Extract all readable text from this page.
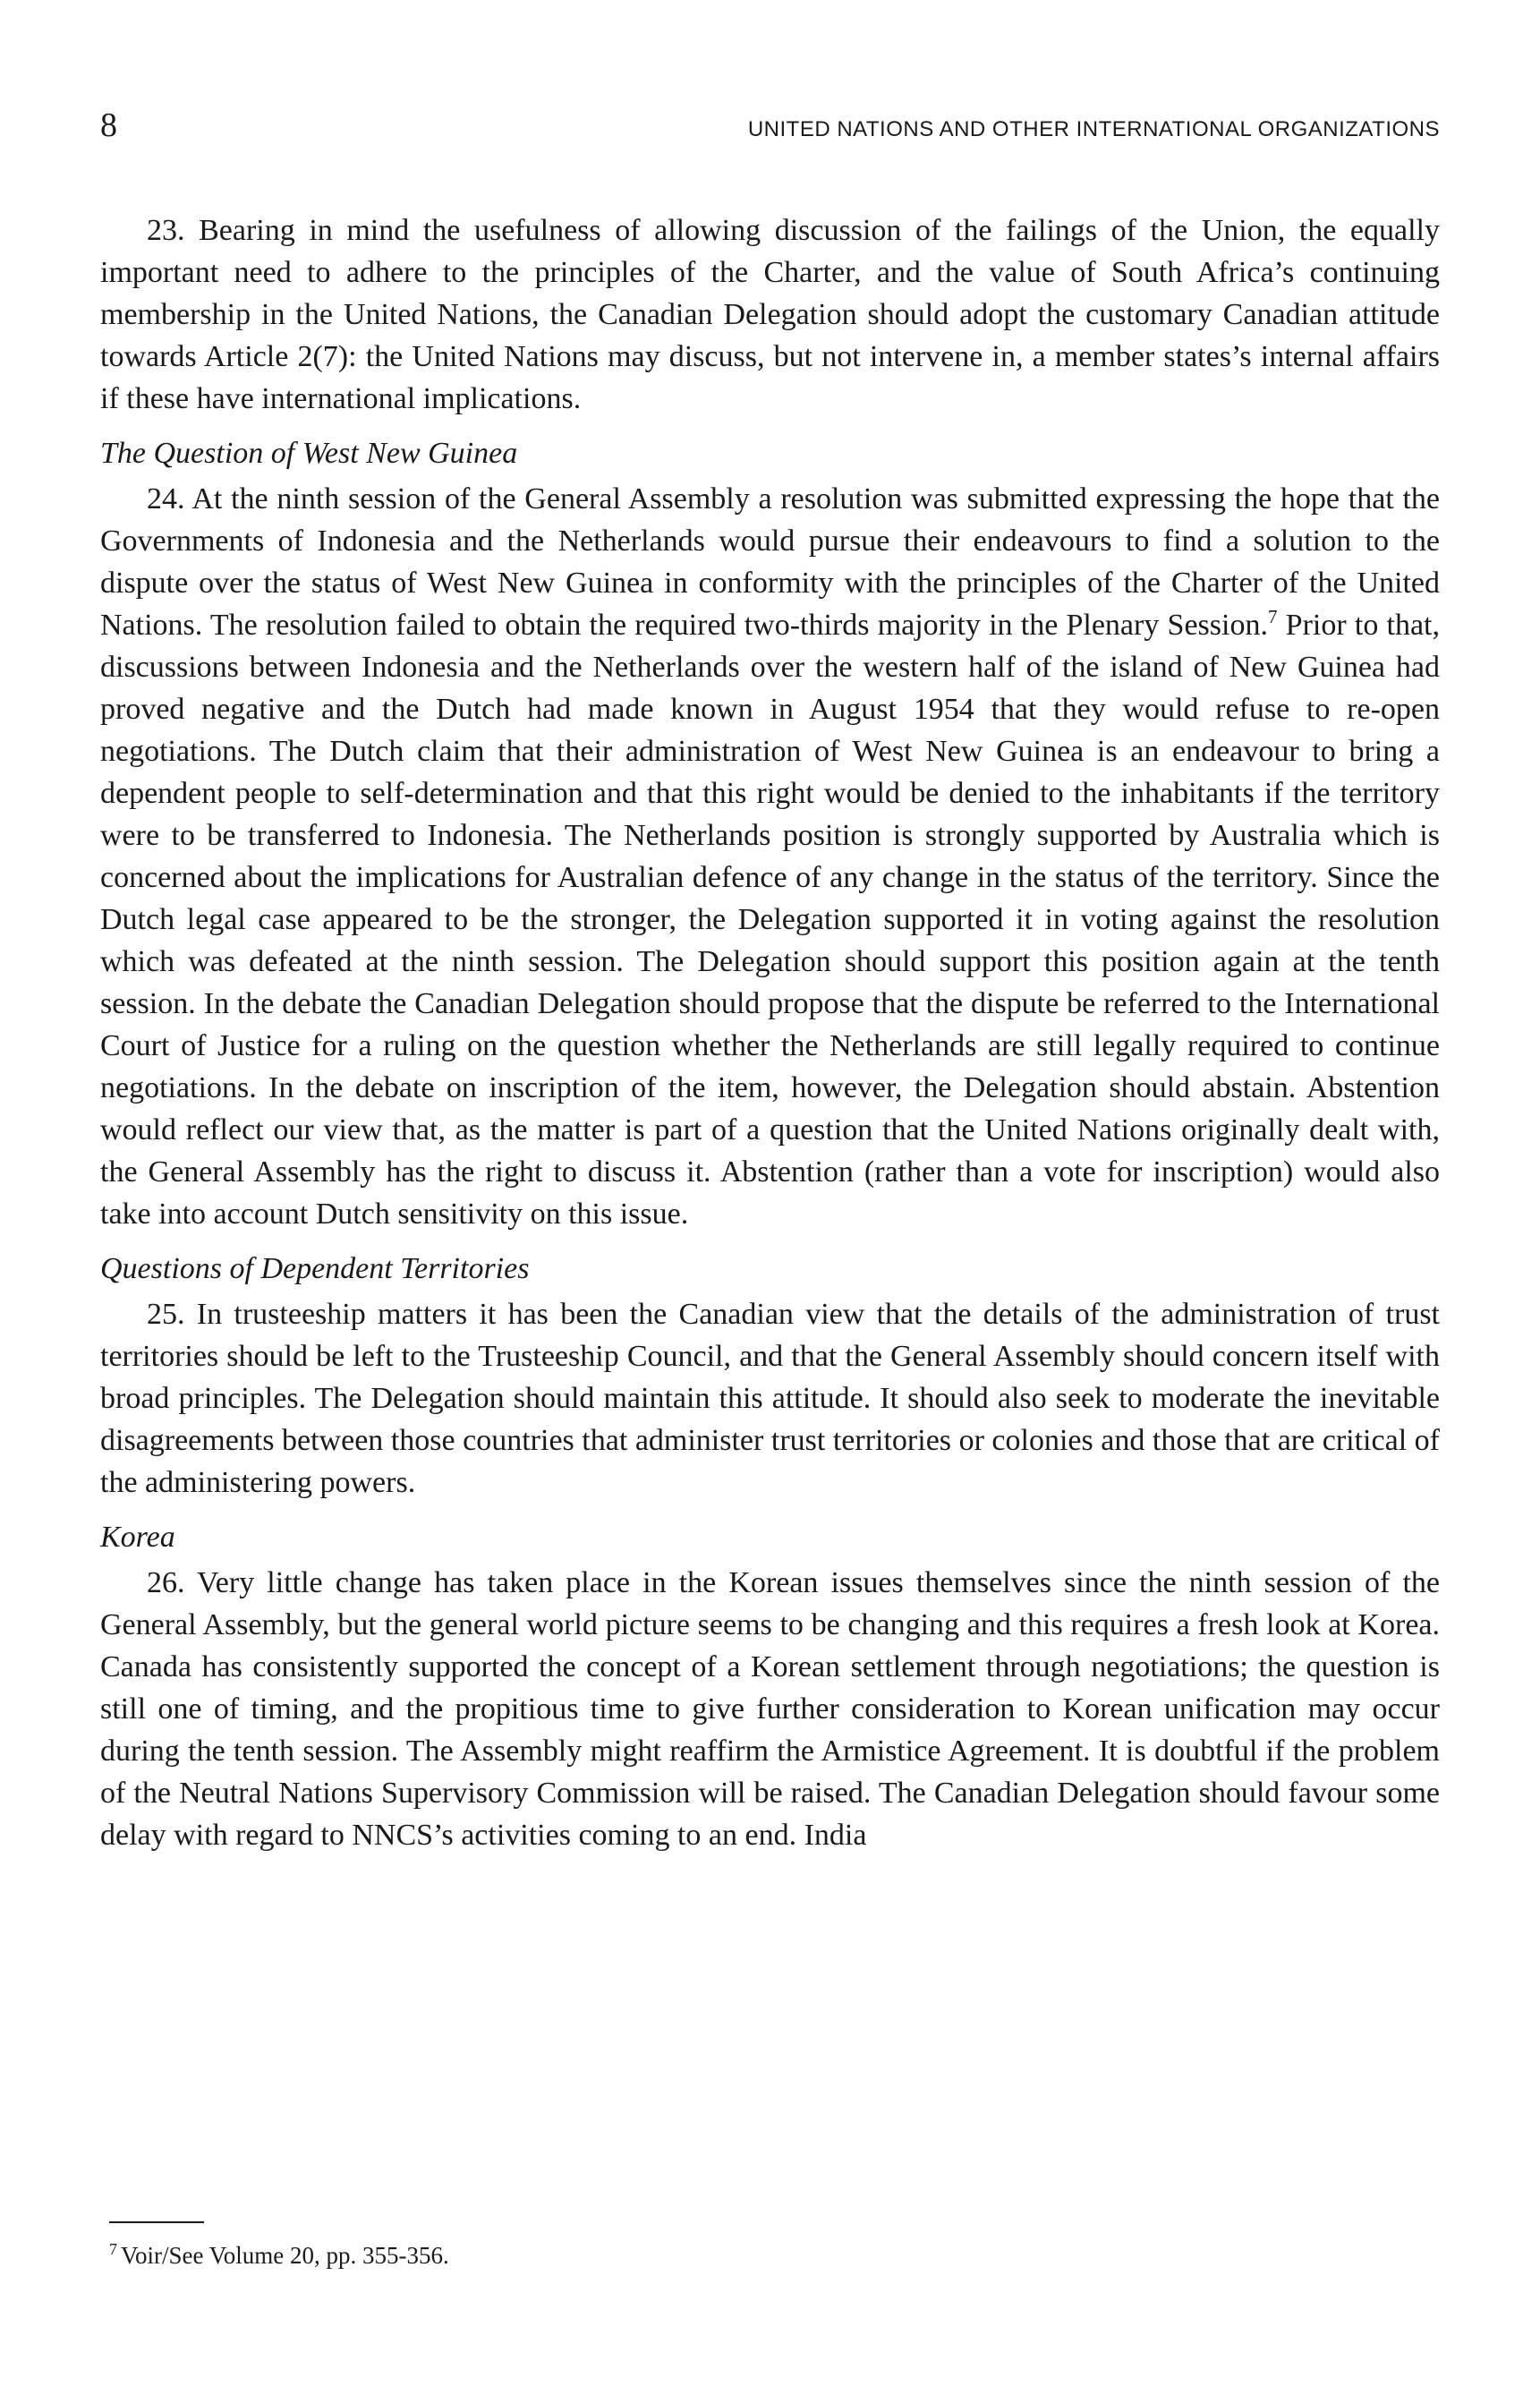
8	UNITED NATIONS AND OTHER INTERNATIONAL ORGANIZATIONS

23. Bearing in mind the usefulness of allowing discussion of the failings of the Union, the equally important need to adhere to the principles of the Charter, and the value of South Africa’s continuing membership in the United Nations, the Canadian Delegation should adopt the customary Canadian attitude towards Article 2(7): the United Nations may discuss, but not intervene in, a member states’s internal affairs if these have international implications.

The Question of West New Guinea

24. At the ninth session of the General Assembly a resolution was submitted expressing the hope that the Governments of Indonesia and the Netherlands would pursue their endeavours to find a solution to the dispute over the status of West New Guinea in conformity with the principles of the Charter of the United Nations. The resolution failed to obtain the required two-thirds majority in the Plenary Session.$^7$ Prior to that, discussions between Indonesia and the Netherlands over the western half of the island of New Guinea had proved negative and the Dutch had made known in August 1954 that they would refuse to re-open negotiations. The Dutch claim that their administration of West New Guinea is an endeavour to bring a dependent people to self-determination and that this right would be denied to the inhabitants if the territory were to be transferred to Indonesia. The Netherlands position is strongly supported by Australia which is concerned about the implications for Australian defence of any change in the status of the territory. Since the Dutch legal case appeared to be the stronger, the Delegation supported it in voting against the resolution which was defeated at the ninth session. The Delegation should support this position again at the tenth session. In the debate the Canadian Delegation should propose that the dispute be referred to the International Court of Justice for a ruling on the question whether the Netherlands are still legally required to continue negotiations. In the debate on inscription of the item, however, the Delegation should abstain. Abstention would reflect our view that, as the matter is part of a question that the United Nations originally dealt with, the General Assembly has the right to discuss it. Abstention (rather than a vote for inscription) would also take into account Dutch sensitivity on this issue.

Questions of Dependent Territories

25. In trusteeship matters it has been the Canadian view that the details of the administration of trust territories should be left to the Trusteeship Council, and that the General Assembly should concern itself with broad principles. The Delegation should maintain this attitude. It should also seek to moderate the inevitable disagreements between those countries that administer trust territories or colonies and those that are critical of the administering powers.

Korea

26. Very little change has taken place in the Korean issues themselves since the ninth session of the General Assembly, but the general world picture seems to be changing and this requires a fresh look at Korea. Canada has consistently supported the concept of a Korean settlement through negotiations; the question is still one of timing, and the propitious time to give further consideration to Korean unification may occur during the tenth session. The Assembly might reaffirm the Armistice Agreement. It is doubtful if the problem of the Neutral Nations Supervisory Commission will be raised. The Canadian Delegation should favour some delay with regard to NNCS’s activities coming to an end. India

$^7$ Voir/See Volume 20, pp. 355-356.
